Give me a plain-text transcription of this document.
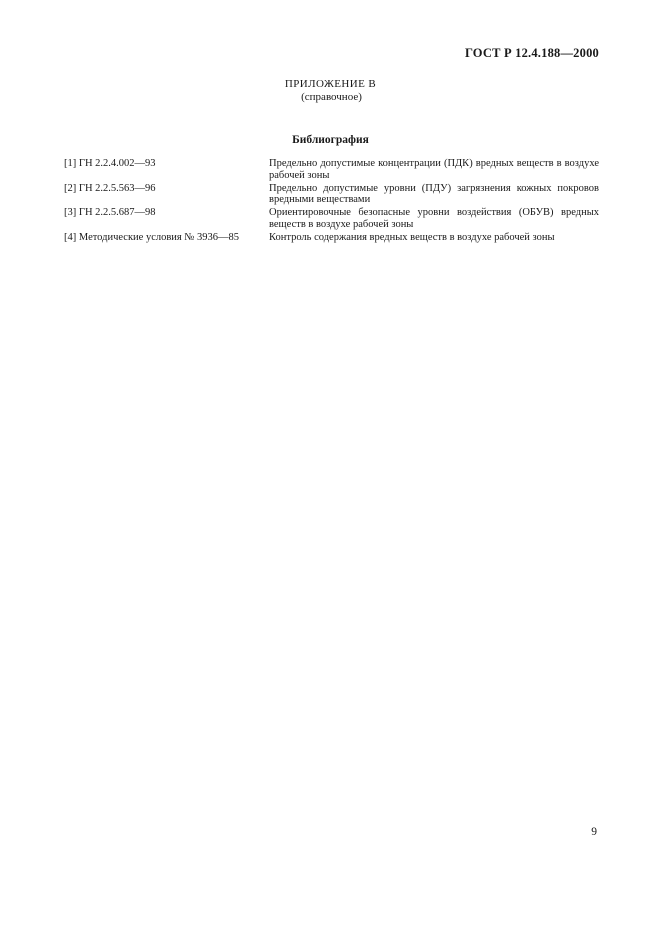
ГОСТ Р 12.4.188—2000
ПРИЛОЖЕНИЕ В
(справочное)
Библиография
[1] ГН 2.2.4.002—93	Предельно допустимые концентрации (ПДК) вредных веществ в воздухе рабочей зоны
[2] ГН 2.2.5.563—96	Предельно допустимые уровни (ПДУ) загрязнения кожных покровов вредными веществами
[3] ГН 2.2.5.687—98	Ориентировочные безопасные уровни воздействия (ОБУВ) вредных веществ в воздухе рабочей зоны
[4] Методические условия № 3936—85	Контроль содержания вредных веществ в воздухе рабочей зоны
9
